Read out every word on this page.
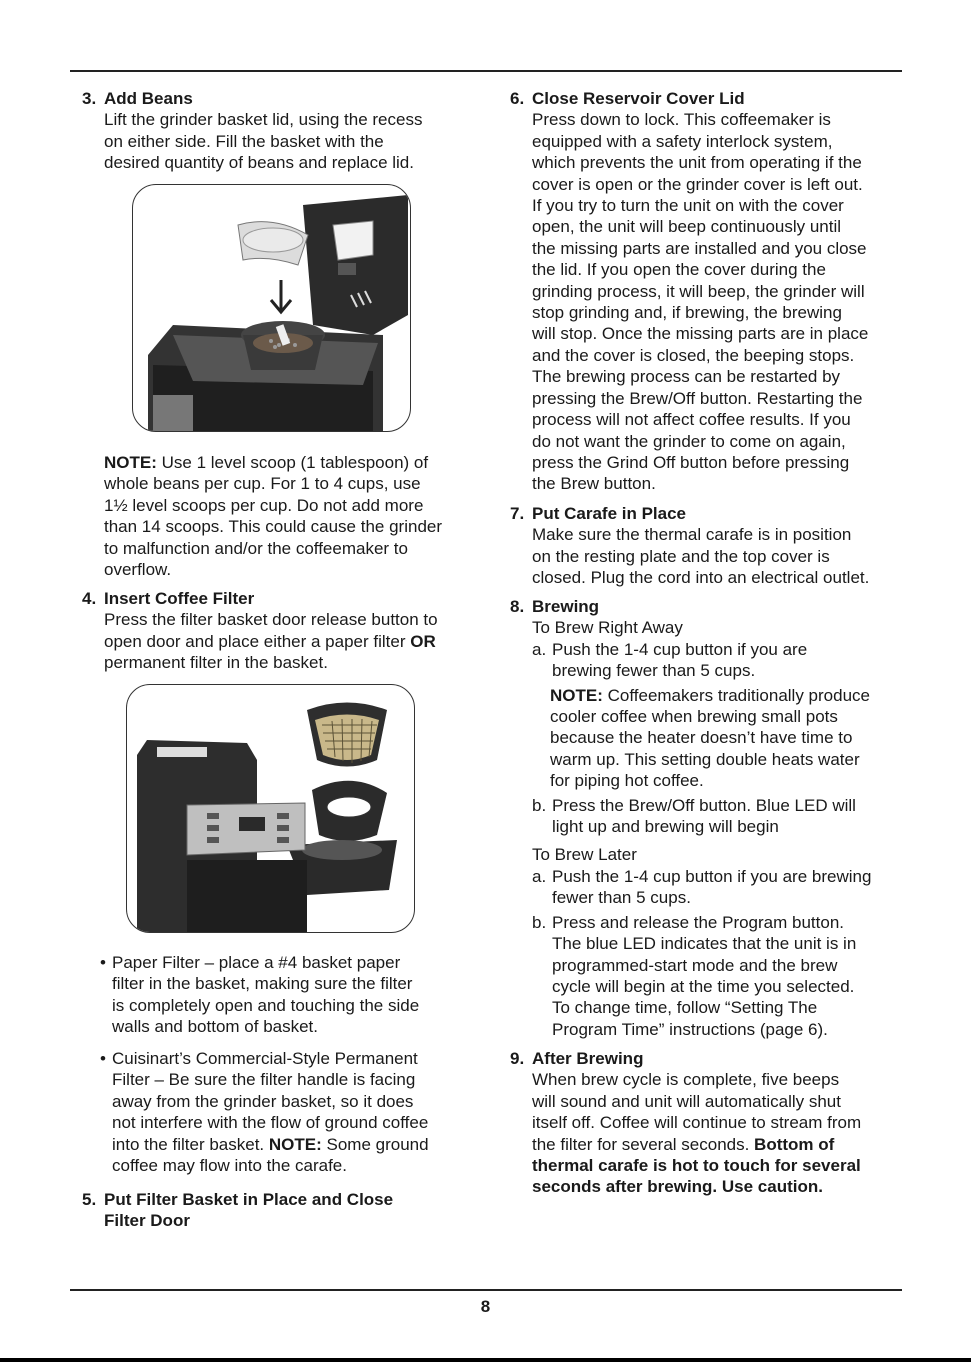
3. Add Beans

Lift the grinder basket lid, using the recess

on either side. Fill the basket with the

desired quantity of beans and replace lid.

NOTE: Use 1 level scoop (1 tablespoon) of

whole beans per cup. For 1 to 4 cups, use

1½ level scoops per cup. Do not add more

than 14 scoops. This could cause the grinder

to malfunction and/or the coffeemaker to

overflow.

4. Insert Coffee Filter

Press the filter basket door release button to

open door and place either a paper filter OR

permanent filter in the basket.

• Paper Filter – place a #4 basket paper

filter in the basket, making sure the filter

is completely open and touching the side

walls and bottom of basket.

• Cuisinart’s Commercial-Style Permanent

Filter – Be sure the filter handle is facing

away from the grinder basket, so it does

not interfere with the flow of ground coffee

into the filter basket. NOTE: Some ground

coffee may flow into the carafe.

5. Put Filter Basket in Place and Close

Filter Door

6. Close Reservoir Cover Lid

Press down to lock. This coffeemaker is

equipped with a safety interlock system,

which prevents the unit from operating if the

cover is open or the grinder cover is left out.

If you try to turn the unit on with the cover

open, the unit will beep continuously until

the missing parts are installed and you close

the lid. If you open the cover during the

grinding process, it will beep, the grinder will

stop grinding and, if brewing, the brewing

will stop. Once the missing parts are in place

and the cover is closed, the beeping stops.

The brewing process can be restarted by

pressing the Brew/Off button. Restarting the

process will not affect coffee results. If you

do not want the grinder to come on again,

press the Grind Off button before pressing

the Brew button.

7. Put Carafe in Place

Make sure the thermal carafe is in position

on the resting plate and the top cover is

closed. Plug the cord into an electrical outlet.

8. Brewing

To Brew Right Away

a. Push the 1-4 cup button if you are

brewing fewer than 5 cups.

NOTE: Coffeemakers traditionally produce

cooler coffee when brewing small pots

because the heater doesn’t have time to

warm up. This setting double heats water

for piping hot coffee.

b. Press the Brew/Off button. Blue LED will

light up and brewing will begin

To Brew Later

a. Push the 1-4 cup button if you are brewing

fewer than 5 cups.

b. Press and release the Program button.

The blue LED indicates that the unit is in

programmed-start mode and the brew

cycle will begin at the time you selected.

To change time, follow “Setting The

Program Time” instructions (page 6).

9. After Brewing

When brew cycle is complete, five beeps

will sound and unit will automatically shut

itself off. Coffee will continue to stream from

the filter for several seconds. Bottom of

thermal carafe is hot to touch for several

seconds after brewing. Use caution.

8
